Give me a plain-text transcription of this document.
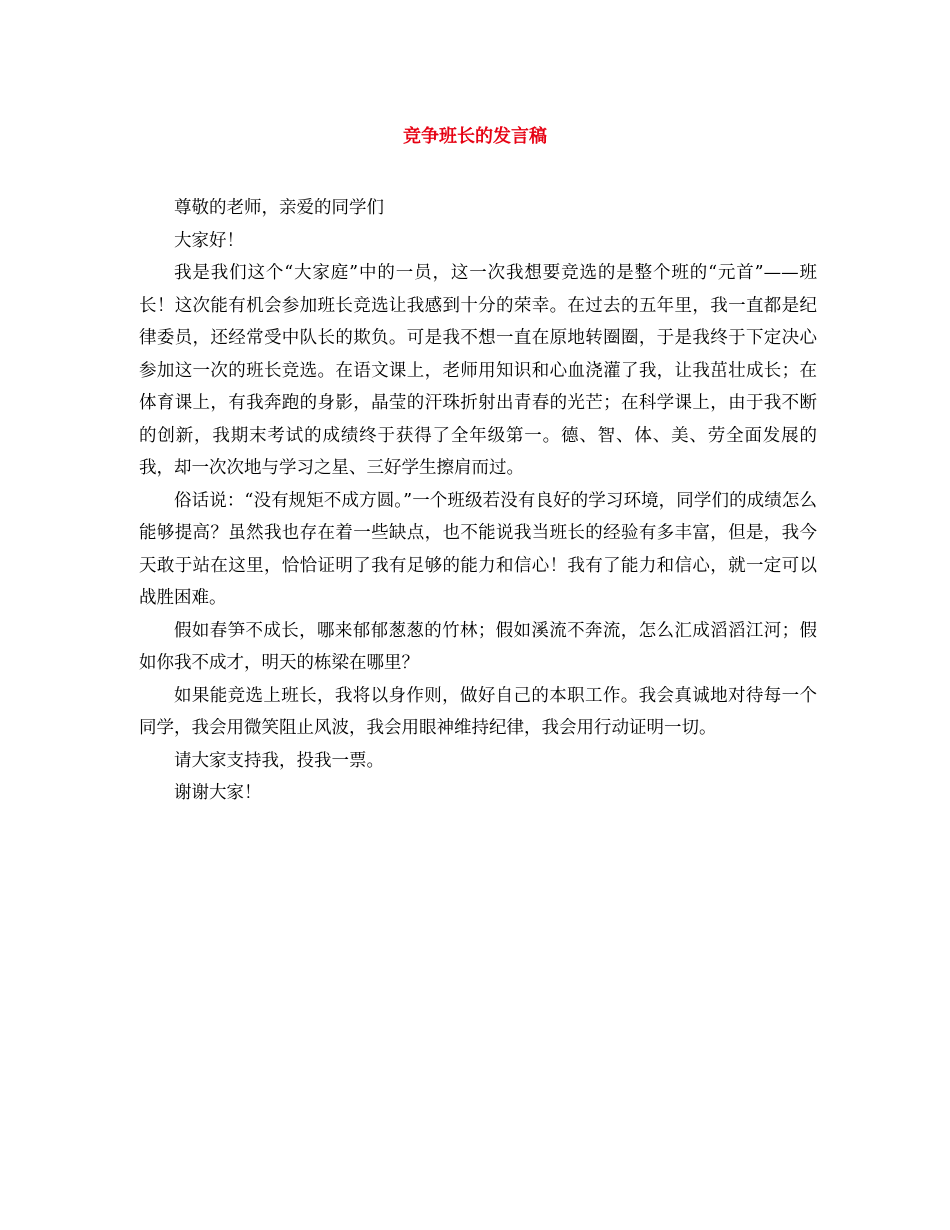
竞争班长的发言稿

尊敬的老师，亲爱的同学们

大家好！

我是我们这个“大家庭”中的一员，这一次我想要竞选的是整个班的“元首”——班长！这次能有机会参加班长竞选让我感到十分的荣幸。在过去的五年里，我一直都是纪律委员，还经常受中队长的欺负。可是我不想一直在原地转圈圈，于是我终于下定决心参加这一次的班长竞选。在语文课上，老师用知识和心血浇灌了我，让我茁壮成长；在体育课上，有我奔跑的身影，晶莹的汗珠折射出青春的光芒；在科学课上，由于我不断的创新，我期末考试的成绩终于获得了全年级第一。德、智、体、美、劳全面发展的我，却一次次地与学习之星、三好学生擦肩而过。

俗话说：“没有规矩不成方圆。”一个班级若没有良好的学习环境，同学们的成绩怎么能够提高？虽然我也存在着一些缺点，也不能说我当班长的经验有多丰富，但是，我今天敢于站在这里，恰恰证明了我有足够的能力和信心！我有了能力和信心，就一定可以战胜困难。

假如春笋不成长，哪来郁郁葱葱的竹林；假如溪流不奔流，怎么汇成滔滔江河；假如你我不成才，明天的栋梁在哪里？

如果能竞选上班长，我将以身作则，做好自己的本职工作。我会真诚地对待每一个同学，我会用微笑阻止风波，我会用眼神维持纪律，我会用行动证明一切。

请大家支持我，投我一票。

谢谢大家！
